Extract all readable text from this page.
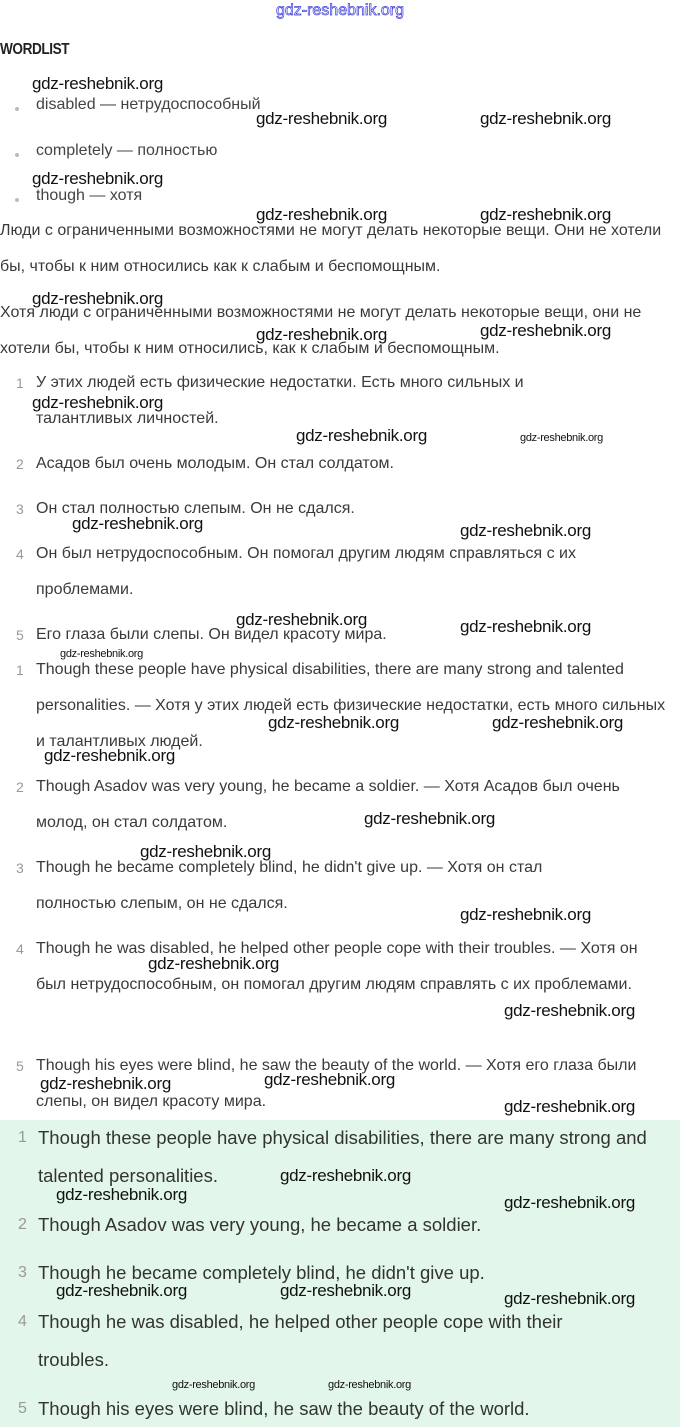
gdz-reshebnik.org
WORDLIST
disabled — нетрудоспособный
completely — полностью
though — хотя
Люди с ограниченными возможностями не могут делать некоторые вещи. Они не хотели бы, чтобы к ним относились как к слабым и беспомощным.
Хотя люди с ограниченными возможностями не могут делать некоторые вещи, они не хотели бы, чтобы к ним относились, как к слабым и беспомощным.
1 У этих людей есть физические недостатки. Есть много сильных и талантливых личностей.
2 Асадов был очень молодым. Он стал солдатом.
3 Он стал полностью слепым. Он не сдался.
4 Он был нетрудоспособным. Он помогал другим людям справляться с их проблемами.
5 Его глаза были слепы. Он видел красоту мира.
1 Though these people have physical disabilities, there are many strong and talented personalities. — Хотя у этих людей есть физические недостатки, есть много сильных и талантливых людей.
2 Though Asadov was very young, he became a soldier. — Хотя Асадов был очень молод, он стал солдатом.
3 Though he became completely blind, he didn't give up. — Хотя он стал полностью слепым, он не сдался.
4 Though he was disabled, he helped other people cope with their troubles. — Хотя он был нетрудоспособным, он помогал другим людям справлять с их проблемами.
5 Though his eyes were blind, he saw the beauty of the world. — Хотя его глаза были слепы, он видел красоту мира.
1 Though these people have physical disabilities, there are many strong and talented personalities.
2 Though Asadov was very young, he became a soldier.
3 Though he became completely blind, he didn't give up.
4 Though he was disabled, he helped other people cope with their troubles.
5 Though his eyes were blind, he saw the beauty of the world.
gdz-reshebnik.org
gdz-reshebnik.org	gdz-reshebnik.org
gdz-reshebnik.org
gdz-reshebnik.org	gdz-reshebnik.org
gdz-reshebnik.org
gdz-reshebnik.org	gdz-reshebnik.org
gdz-reshebnik.org
gdz-reshebnik.org	gdz-reshebnik.org
gdz-reshebnik.org	gdz-reshebnik.org
gdz-reshebnik.org	gdz-reshebnik.org
gdz-reshebnik.org
gdz-reshebnik.org	gdz-reshebnik.org
gdz-reshebnik.org
gdz-reshebnik.org
gdz-reshebnik.org
gdz-reshebnik.org
gdz-reshebnik.org
gdz-reshebnik.org
gdz-reshebnik.org	gdz-reshebnik.org
gdz-reshebnik.org
gdz-reshebnik.org
gdz-reshebnik.org	gdz-reshebnik.org
gdz-reshebnik.org	gdz-reshebnik.org	gdz-reshebnik.org
gdz-reshebnik.org	gdz-reshebnik.org
